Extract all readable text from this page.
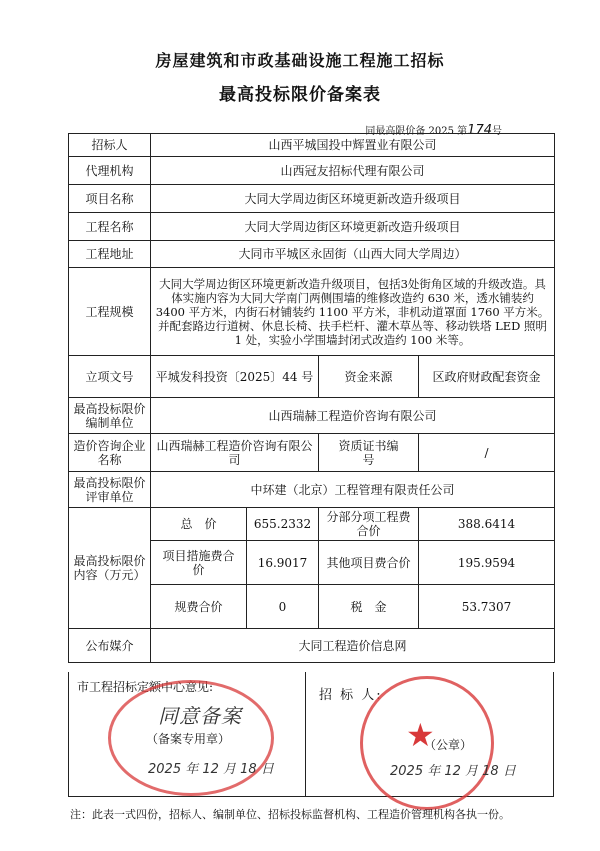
房屋建筑和市政基础设施工程施工招标
最高投标限价备案表
同最高限价备 2025 第174号
招标人	山西平城国投中辉置业有限公司			
代理机构	山西冠友招标代理有限公司			
项目名称	大同大学周边街区环境更新改造升级项目			
工程名称	大同大学周边街区环境更新改造升级项目			
工程地址	大同市平城区永固街（山西大同大学周边）			
工程规模	大同大学周边街区环境更新改造升级项目，包括3处街角区域的升级改造。具体实施内容为大同大学南门两侧围墙的维修改造约 630 米，透水铺装约 3400 平方米，内街石材铺装约 1100 平方米，非机动道罩面 1760 平方米。并配套路边行道树、休息长椅、扶手栏杆、灌木草丛等、移动铁塔 LED 照明 1 处，实验小学围墙封闭式改造约 100 米等。			
立项文号	平城发科投资〔2025〕44 号		资金来源	区政府财政配套资金
最高投标限价编制单位	山西瑞赫工程造价咨询有限公司			
造价咨询企业名称	山西瑞赫工程造价咨询有限公司		资质证书编　　号	/
最高投标限价评审单位	中环建（北京）工程管理有限责任公司			
最高投标限价内容（万元）	总　价	655.2332	分部分项工程费合价	388.6414
	项目措施费合　价	16.9017	其他项目费合价	195.9594
	规费合价	0	税　金	53.7307
公布媒介	大同工程造价信息网			
市工程招标定额中心意见:
招 标 人:
同意备案
（备案专用章）
2025 年 12 月 18 日
★
（公章）
2025 年 12 月 18 日
注：此表一式四份，招标人、编制单位、招标投标监督机构、工程造价管理机构各执一份。
